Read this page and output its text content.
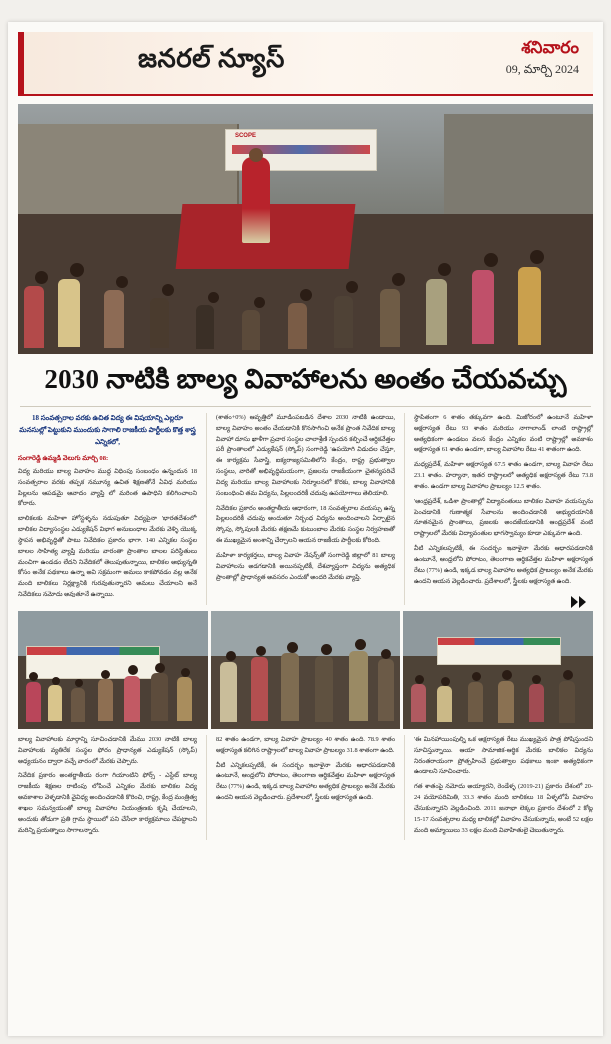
జనరల్ న్యూస్	శనివారం
09, మార్చి 2024
SCOPE
2030 నాటికి బాల్య వివాహాలను అంతం చేయవచ్చు
18 సంవత్సరాల వరకు ఉచిత విద్య ఈ విషయాన్ని ఎల్లరూ మనసుల్లో పెట్టుకుని ముందుకు సాగాలి రాజకీయ పార్టీలకు కొత్త శాస్త్ర ఎన్నికలో,
సంగారెడ్డి ఉమ్మడి వెలుగు మార్చి 08:

విద్య మరియు బాల్య వివాహం ముద్ద విధింపు సంబంధం ఉన్నందున 18 సంవత్సరాల వరకు తప్పక నమూన్య ఉచిత శిక్షణతోనే ఏవిధ మరియు పిల్లలను ఆపడమై ఆవాదం వ్యాప్తి లో మరింత ఉపాధిని కలిగించాలని కోరారు.

బాలికలకు మహిళా హోస్టళ్ళను నడుపుతూ విద్యపైనా 'భారతదేశంలో' బాలికల విద్యాసంస్థల ఎడ్యుకేషన్ విభాగ అనుబంధాల మేరకు వెళ్ళి యొక్క స్థాపన అభివృద్ధితో పాటు నివేదికల ప్రకారం భాగా. 140 ఎన్నికల సంస్థల బాలల సాహిత్య వ్యాప్తి మరియు వారంతా ప్రాంతాల బాలల పరిస్థితులు మంచిగా ఉండడం లేదని నివేదికలో తెలుపుతున్నాయి, బాలికల అభ్యున్నతి కోసం అనేక పథకాలు ఉన్నా అవి సక్రమంగా అమలు కాకపోవడం వల్ల అనేక మంది బాలికలు నిర్లక్ష్యానికి గురవుతున్నారని అమలు చేయాలని అనే నివేదికలు నమోదు అవుతూనే ఉన్నాయి.

(శాతం+0%) ఆవృత్తిలో మూడింపబడిన దేశాల 2030 నాటికి ఉండాయి, బాల్య వివాహం అంతం చేయడానికి కొనసాగించి అనేక ప్రాంత నివేదిక బాల్య వివాహా దూసు ఖాళీగా ప్రచార సంస్థల చాలాశ్రేణి స్పందన కల్పించే ఆర్థికవేత్తల పరీ ప్రాంతాలలో ఎడ్యుకేషన్ (స్కోప్) సంగారెడ్డి 'ఉపయోగి విడుదల చేస్తూ, ఈ కార్యక్రమ సేవాస్త్రి, ఐక్యరాజ్యసమితిలోని కేంద్రం, రాష్ట్ర ప్రభుత్వాల సంస్థలు, వారితో అభివృద్ధిమయంగా, ప్రజలను రాజకీయంగా చైతన్యపరిచే విద్య మరియు బాల్య వివాహాలకు నిర్మూలనలో కొరకు, బాల్య వివాహానికి సంబంధించి తమ విద్యను, పిల్లలందరికీ చదువు ఉపయోగాలు తెలియాలి.

నివేదికల ప్రకారం అంతర్జాతీయ ఆధారంగా, 18 సంవత్సరాల వయస్సు ఉన్న పిల్లలందరికీ చదువు అందుతూ నిర్బంధ విద్యను అందించాలని ఏర్పాటైన స్కోపు, స్కోపులకి మేరకు తక్షణమే కుటుంబాల మేరకు సంస్థల నిర్వహణతో ఈ ముఖ్యమైన అంశాన్ని చేర్చాలని ఆయన రాజకీయ పార్టీలకు కోరింది.

మహిళా కార్యకర్తలు, బాల్య వివాహ నేషన్స్‌తో సంగారెడ్డి జిల్లాలో 81 బాల్య వివాహాలను అడగడానికి అయినప్పటికీ, దేశవ్యాప్తంగా విద్యను అత్యధిక ప్రాంతాల్లో ప్రాధాన్యత అవసరం ఎందుకో అందరి మేరకు వ్యాప్తి.

స్థాపితంగా 6 శాతం తక్కువగా ఉంది. మిజోరంలో ఉంటూనే మహిళా అక్షరాస్యత రేటు 93 శాతం మరియు నాగాలాండ్ లాంటి రాష్ట్రాల్లో అత్యధికంగా ఉండటం వలన కేంద్రం ఎన్నికల వంటి రాష్ట్రాల్లో అవకాశం అక్షరాస్యత 61 శాతం ఉండగా, బాల్య వివాహాల రేటు 41 శాతంగా ఉంది.

మధ్యప్రదేశ్, మహిళా అక్షరాస్యత 67.5 శాతం ఉండగా, బాల్య వివాహ రేటు 23.1 శాతం. హర్యానా, ఇతర రాష్ట్రాలలో అత్యధిక అక్షరాస్యత రేటు 73.8 శాతం. ఉండగా బాల్య వివాహాల ప్రాబల్యం 12.5 శాతం.

'ఆంధ్రప్రదేశ్, ఒడిశా ప్రాంతాల్లో విద్యావంతులు బాలికల వివాహ వయస్సును పెంచడానికి గుణాత్మక సేవాలను అందించడానికి అభ్యుదయానికి నూతనమైన ప్రాంతాలు, ప్రజలకు అందజేయడానికి ఆంధ్రప్రదేశ్ వంటి రాష్ట్రాలలో మేరకు విద్యావంతుల భాగస్వామ్యం కూడా ఎక్కువగా ఉంది.

వీటి ఎన్నికలప్పటికీ, ఈ సందర్భం ఇవాళైనా మేరకు ఆధారపడడానికి ఉంటూనే, ఆంధ్రలోని పోరాటం, తెలంగాణ ఆర్థికవేత్తల మహిళా అక్షరాస్యత రేటు (77%) ఉండి, ఇక్కడ బాల్య వివాహాల అత్యధిక ప్రాబల్యం అనేక మేరకు ఉందని ఆయన వెల్లడించారు. ప్రదేశాలలో, స్త్రీలకు అక్షరాస్యత ఉంది.

బాల్య వివాహాలకు మార్గాన్ని సూచించడానికి మేము 2030 నాటికి బాల్య వివాహాలకు వ్యతిరేక సంస్థల ఫోరం ప్రాధాన్యత ఎడ్యుకేషన్ (స్కోప్) అధ్యయనం ద్వారా వచ్చే వారంలో మేరకు చెప్పారు.

నివేదిక ప్రకారం అంతర్జాతీయ రంగా గియాంటిని ఫోర్స్ - ఎస్టేట్ బాల్య రాజకీయ శిక్షణల రాటింపు లోపించే ఎన్నికల మేరకు బాలికల విద్య అవకాశాల వెళ్ళడానికి వైవిధ్య అందించడానికి కొరించి, రాష్ట్ర, కేంద్ర మంత్రిత్వ శాఖల సమన్వయంతో బాల్య వివాహాల నియంత్రణకు కృషి చేయాలని, అందుకు తోడుగా ప్రతి గ్రామ స్థాయిలో పని చేసేలా కార్యక్రమాలు చేపట్టాలని మరిన్ని ప్రయత్నాలు సాగాలన్నారు.

82 శాతం ఉండగా, బాల్య వివాహ ప్రాబల్యం 40 శాతం ఉంది. 78.9 శాతం అక్షరాస్యత కలిగిన రాష్ట్రాలలో బాల్య వివాహ ప్రాబల్యం 31.8 శాతంగా ఉంది.

వీటి ఎన్నికలప్పటికీ, ఈ సందర్భం ఇవాళైనా మేరకు ఆధారపడడానికి ఉంటూనే, ఆంధ్రలోని పోరాటం, తెలంగాణ ఆర్థికవేత్తల మహిళా అక్షరాస్యత రేటు (77%) ఉండి, ఇక్కడ బాల్య వివాహాల అత్యధిక ప్రాబల్యం అనేక మేరకు ఉందని ఆయన వెల్లడించారు. ప్రదేశాలలో, స్త్రీలకు అక్షరాస్యత ఉంది.

'ఈ మినహాయింపుల్ని ఒక అక్షరాస్యత రేటు ముఖ్యమైన పాత్ర పోషిస్తుందని సూచిస్తున్నాయి. ఆయా సామాజిక-ఆర్థిక మేరకు బాలికల విద్యను నిరంతరాయంగా ప్రోత్సహించే ప్రభుత్వాల పథకాలు ఇంకా అత్యధికంగా ఉండాలని సూచించారు.

గత శాతంపై నమోదు అయ్యారని, రెండేళ్ళ (2019-21) ప్రకారం దేశంలో 20-24 వయోపరిమితి, 33.3 శాతం మంది బాలికలు 18 ఏళ్ళలోపే వివాహం చేసుకున్నారని వెల్లడించింది. 2011 జనాభా లెక్కల ప్రకారం దేశంలో 2 కోట్ల 15-17 సంవత్సరాల మధ్య బాలికల్లో వివాహం చేసుకున్నారు, అంటే 52 లక్షల మంది అమ్మాయిలు 33 లక్షల మంది వివాహితులై చెబుతున్నారు.
